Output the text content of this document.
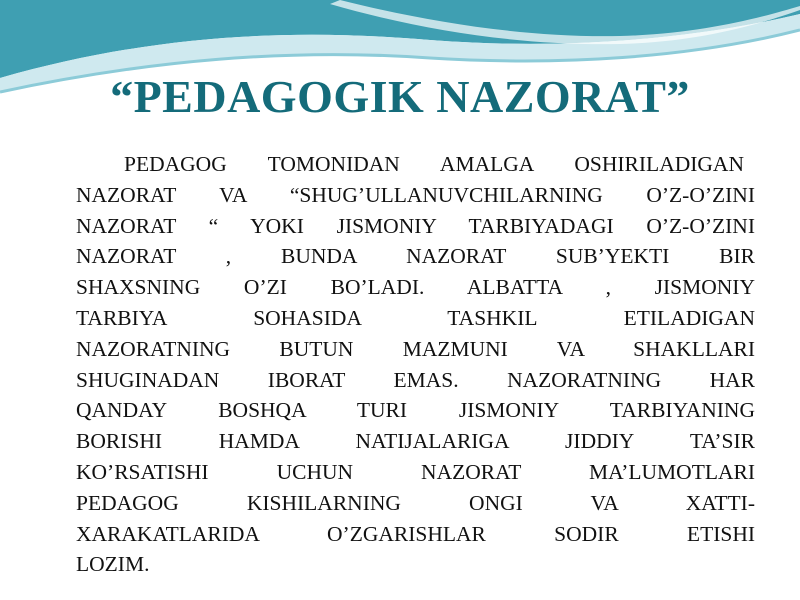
“PEDAGOGIK NAZORAT”
PEDAGOG TOMONIDAN AMALGA OSHIRILADIGAN
NAZORAT VA “SHUG’ULLANUVCHILARNING O’Z-O’ZINI
NAZORAT “ YOKI JISMONIY TARBIYADAGI O’Z-O’ZINI
NAZORAT , BUNDA NAZORAT SUB’YEKTI BIR
SHAXSNING O’ZI BO’LADI. ALBATTA , JISMONIY
TARBIYA SOHASIDA TASHKIL ETILADIGAN
NAZORATNING BUTUN MAZMUNI VA SHAKLLARI
SHUGINADAN IBORAT EMAS. NAZORATNING HAR
QANDAY BOSHQA TURI JISMONIY TARBIYANING
BORISHI HAMDA NATIJALARIGA JIDDIY TA’SIR
KO’RSATISHI UCHUN NAZORAT MA’LUMOTLARI
PEDAGOG KISHILARNING ONGI VA XATTI-
XARAKATLARIDA O’ZGARISHLAR SODIR ETISHI
LOZIM.
